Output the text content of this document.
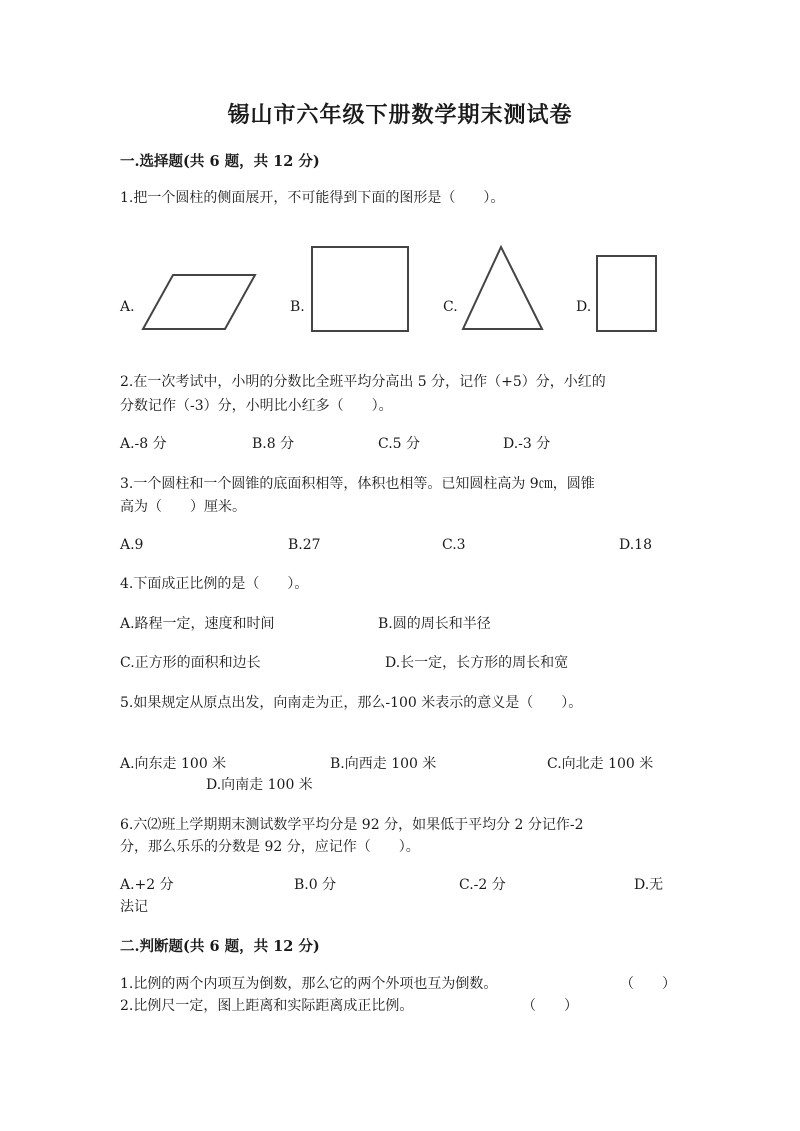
锡山市六年级下册数学期末测试卷
一.选择题(共 6 题，共 12 分)
1.把一个圆柱的侧面展开，不可能得到下面的图形是（　　）。
A.	B.	C.	D.
2.在一次考试中，小明的分数比全班平均分高出 5 分，记作（+5）分，小红的
分数记作（-3）分，小明比小红多（　　）。
A.-8 分	B.8 分	C.5 分	D.-3 分
3.一个圆柱和一个圆锥的底面积相等，体积也相等。已知圆柱高为 9㎝，圆锥
高为（　　）厘米。
A.9	B.27	C.3	D.18
4.下面成正比例的是（　　）。
A.路程一定，速度和时间	B.圆的周长和半径
C.正方形的面积和边长	D.长一定，长方形的周长和宽
5.如果规定从原点出发，向南走为正，那么-100 米表示的意义是（　　）。
A.向东走 100 米	B.向西走 100 米	C.向北走 100 米
D.向南走 100 米
6.六⑵班上学期期末测试数学平均分是 92 分，如果低于平均分 2 分记作-2
分，那么乐乐的分数是 92 分，应记作（　　）。
A.+2 分	B.0 分	C.-2 分	D.无
法记
二.判断题(共 6 题，共 12 分)
1.比例的两个内项互为倒数，那么它的两个外项也互为倒数。	（　　）
2.比例尺一定，图上距离和实际距离成正比例。	（　　）
